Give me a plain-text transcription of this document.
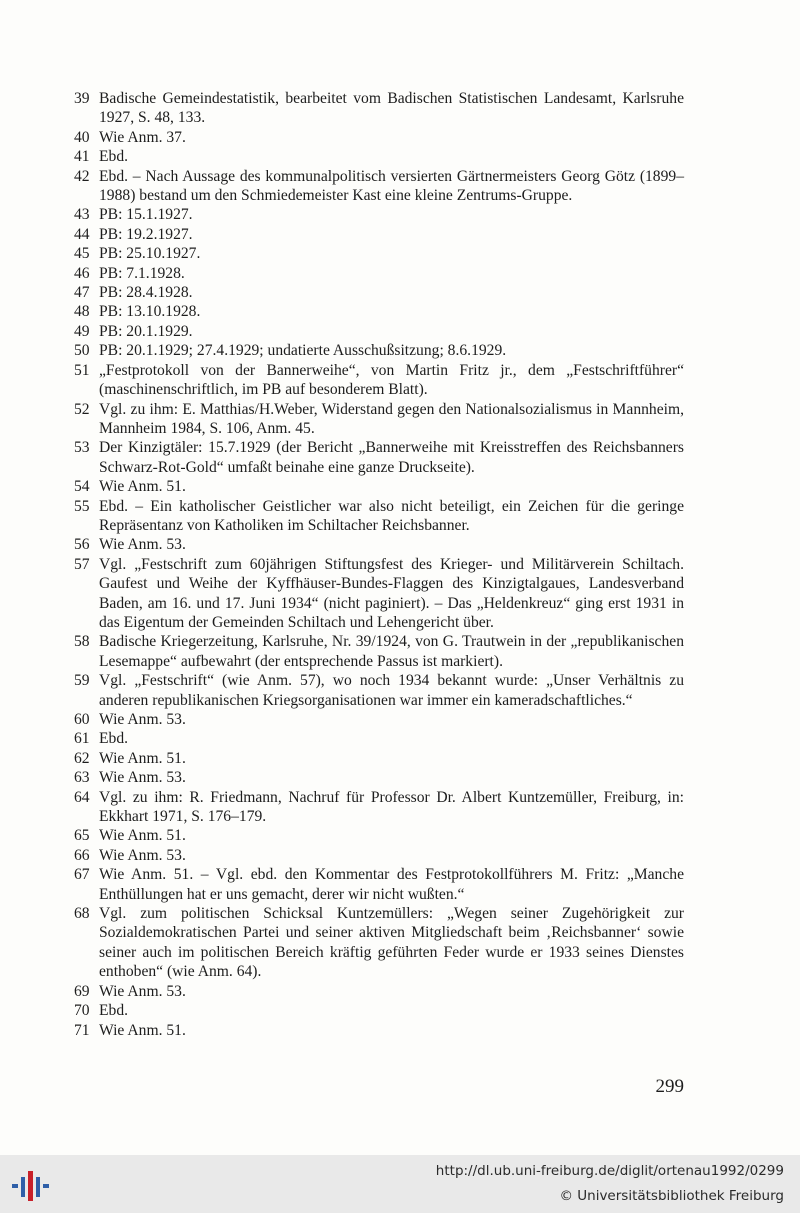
39 Badische Gemeindestatistik, bearbeitet vom Badischen Statistischen Landesamt, Karlsruhe 1927, S. 48, 133.
40 Wie Anm. 37.
41 Ebd.
42 Ebd. – Nach Aussage des kommunalpolitisch versierten Gärtnermeisters Georg Götz (1899–1988) bestand um den Schmiedemeister Kast eine kleine Zentrums-Gruppe.
43 PB: 15.1.1927.
44 PB: 19.2.1927.
45 PB: 25.10.1927.
46 PB: 7.1.1928.
47 PB: 28.4.1928.
48 PB: 13.10.1928.
49 PB: 20.1.1929.
50 PB: 20.1.1929; 27.4.1929; undatierte Ausschußsitzung; 8.6.1929.
51 „Festprotokoll von der Bannerweihe“, von Martin Fritz jr., dem „Festschriftführer“ (maschinenschriftlich, im PB auf besonderem Blatt).
52 Vgl. zu ihm: E. Matthias/H.Weber, Widerstand gegen den Nationalsozialismus in Mannheim, Mannheim 1984, S. 106, Anm. 45.
53 Der Kinzigtäler: 15.7.1929 (der Bericht „Bannerweihe mit Kreisstreffen des Reichsbanners Schwarz-Rot-Gold“ umfaßt beinahe eine ganze Druckseite).
54 Wie Anm. 51.
55 Ebd. – Ein katholischer Geistlicher war also nicht beteiligt, ein Zeichen für die geringe Repräsentanz von Katholiken im Schiltacher Reichsbanner.
56 Wie Anm. 53.
57 Vgl. „Festschrift zum 60jährigen Stiftungsfest des Krieger- und Militärverein Schiltach. Gaufest und Weihe der Kyffhäuser-Bundes-Flaggen des Kinzigtalgaues, Landesverband Baden, am 16. und 17. Juni 1934“ (nicht paginiert). – Das „Heldenkreuz“ ging erst 1931 in das Eigentum der Gemeinden Schiltach und Lehengericht über.
58 Badische Kriegerzeitung, Karlsruhe, Nr. 39/1924, von G. Trautwein in der „republikanischen Lesemappe“ aufbewahrt (der entsprechende Passus ist markiert).
59 Vgl. „Festschrift“ (wie Anm. 57), wo noch 1934 bekannt wurde: „Unser Verhältnis zu anderen republikanischen Kriegsorganisationen war immer ein kameradschaftliches.“
60 Wie Anm. 53.
61 Ebd.
62 Wie Anm. 51.
63 Wie Anm. 53.
64 Vgl. zu ihm: R. Friedmann, Nachruf für Professor Dr. Albert Kuntzemüller, Freiburg, in: Ekkhart 1971, S. 176–179.
65 Wie Anm. 51.
66 Wie Anm. 53.
67 Wie Anm. 51. – Vgl. ebd. den Kommentar des Festprotokollführers M. Fritz: „Manche Enthüllungen hat er uns gemacht, derer wir nicht wußten.“
68 Vgl. zum politischen Schicksal Kuntzemüllers: „Wegen seiner Zugehörigkeit zur Sozialdemokratischen Partei und seiner aktiven Mitgliedschaft beim ‚Reichsbanner‘ sowie seiner auch im politischen Bereich kräftig geführten Feder wurde er 1933 seines Dienstes enthoben“ (wie Anm. 64).
69 Wie Anm. 53.
70 Ebd.
71 Wie Anm. 51.
299
http://dl.ub.uni-freiburg.de/diglit/ortenau1992/0299
© Universitätsbibliothek Freiburg
